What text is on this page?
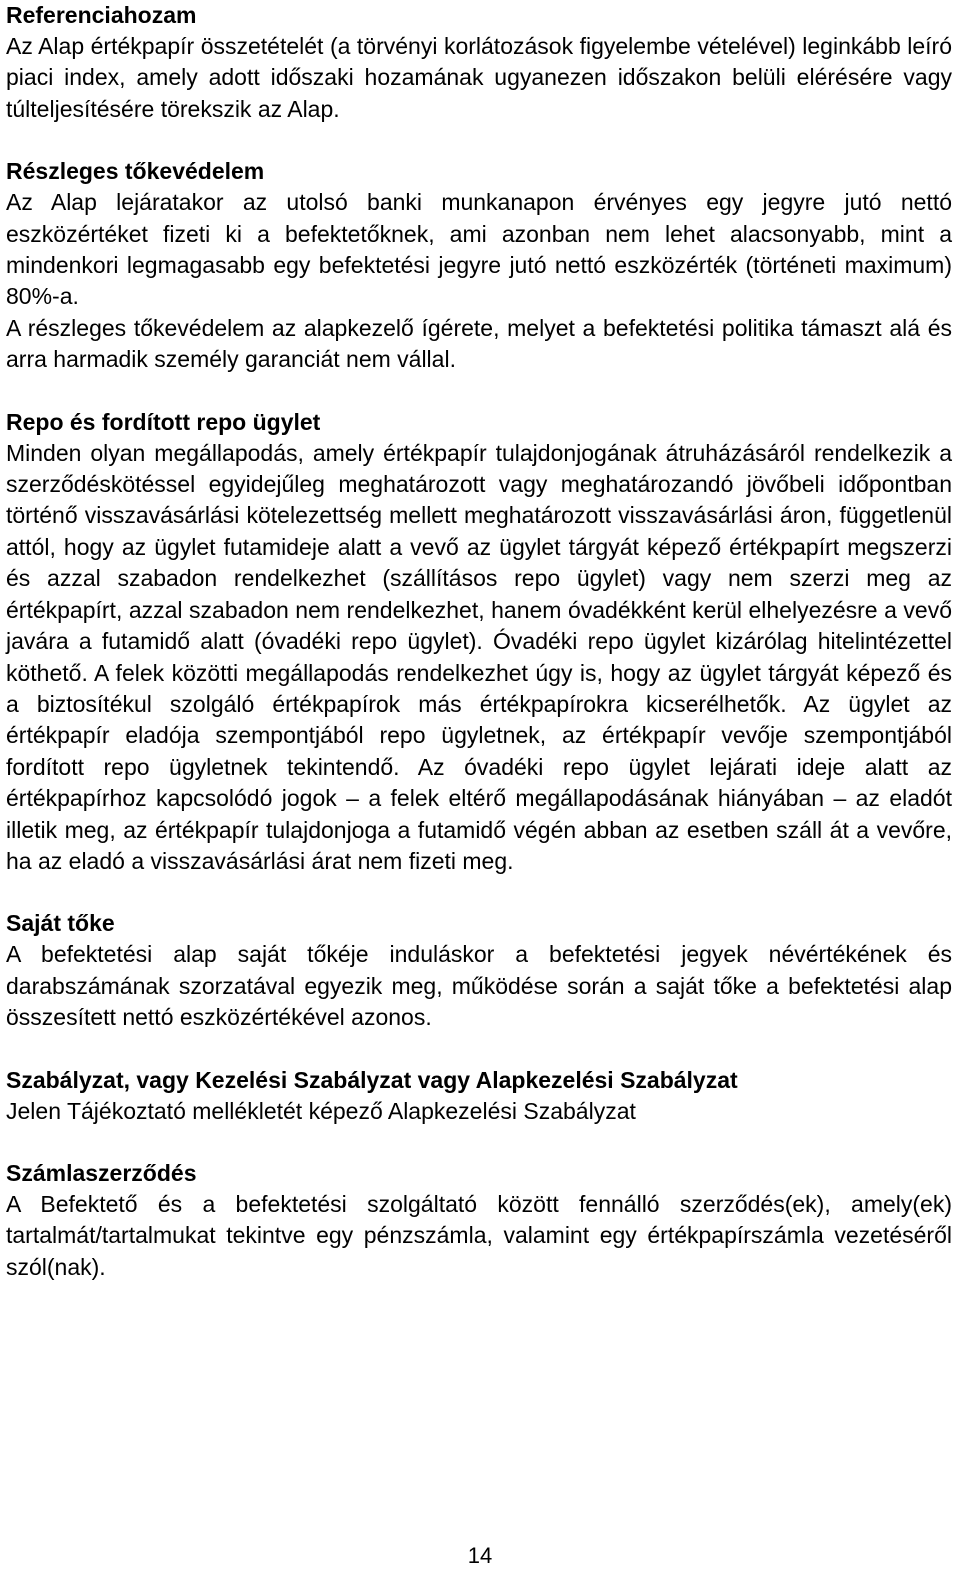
Referenciahozam

Az Alap értékpapír összetételét (a törvényi korlátozások figyelembe vételével) leginkább leíró piaci index, amely adott időszaki hozamának ugyanezen időszakon belüli elérésére vagy túlteljesítésére törekszik az Alap.

Részleges tőkevédelem

Az Alap lejáratakor az utolsó banki munkanapon érvényes egy jegyre jutó nettó eszközértéket fizeti ki a befektetőknek, ami azonban nem lehet alacsonyabb, mint a mindenkori legmagasabb egy befektetési jegyre jutó nettó eszközérték (történeti maximum) 80%-a.

A részleges tőkevédelem az alapkezelő ígérete, melyet a befektetési politika támaszt alá és arra harmadik személy garanciát nem vállal.

Repo és fordított repo ügylet

Minden olyan megállapodás, amely értékpapír tulajdonjogának átruházásáról rendelkezik a szerződéskötéssel egyidejűleg meghatározott vagy meghatározandó jövőbeli időpontban történő visszavásárlási kötelezettség mellett meghatározott visszavásárlási áron, függetlenül attól, hogy az ügylet futamideje alatt a vevő az ügylet tárgyát képező értékpapírt megszerzi és azzal szabadon rendelkezhet (szállításos repo ügylet) vagy nem szerzi meg az értékpapírt, azzal szabadon nem rendelkezhet, hanem óvadékként kerül elhelyezésre a vevő javára a futamidő alatt (óvadéki repo ügylet). Óvadéki repo ügylet kizárólag hitelintézettel köthető. A felek közötti megállapodás rendelkezhet úgy is, hogy az ügylet tárgyát képező és a biztosítékul szolgáló értékpapírok más értékpapírokra kicserélhetők. Az ügylet az értékpapír eladója szempontjából repo ügyletnek, az értékpapír vevője szempontjából fordított repo ügyletnek tekintendő. Az óvadéki repo ügylet lejárati ideje alatt az értékpapírhoz kapcsolódó jogok – a felek eltérő megállapodásának hiányában – az eladót illetik meg, az értékpapír tulajdonjoga a futamidő végén abban az esetben száll át a vevőre, ha az eladó a visszavásárlási árat nem fizeti meg.

Saját tőke

A befektetési alap saját tőkéje induláskor a befektetési jegyek névértékének és darabszámának szorzatával egyezik meg, működése során a saját tőke a befektetési alap összesített nettó eszközértékével azonos.

Szabályzat, vagy Kezelési Szabályzat vagy Alapkezelési Szabályzat

Jelen Tájékoztató mellékletét képező Alapkezelési Szabályzat

Számlaszerződés

A Befektető és a befektetési szolgáltató között fennálló szerződés(ek), amely(ek) tartalmát/tartalmukat tekintve egy pénzszámla, valamint egy értékpapírszámla vezetéséről szól(nak).

14
